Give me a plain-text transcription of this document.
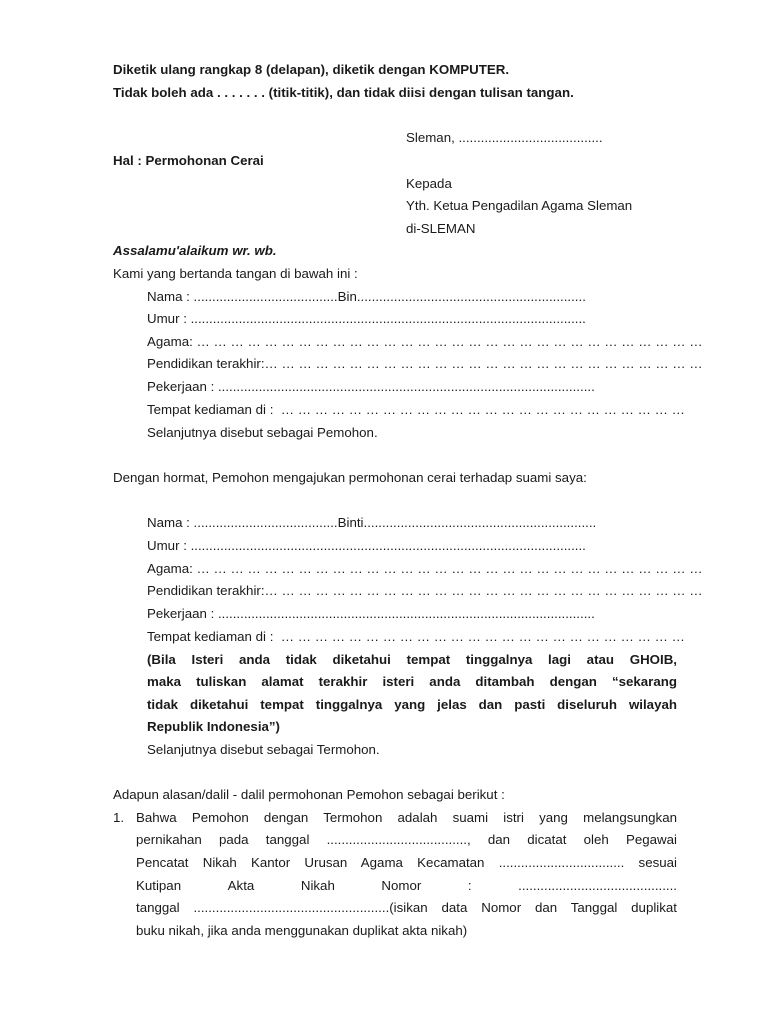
Diketik ulang rangkap 8 (delapan), diketik dengan KOMPUTER.
Tidak boleh ada . . . . . . . (titik-titik), dan tidak diisi dengan tulisan tangan.
Sleman, .......................................
Hal : Permohonan Cerai
Kepada
Yth. Ketua Pengadilan Agama Sleman
di-SLEMAN
Assalamu'alaikum wr. wb.
Kami yang bertanda tangan di bawah ini :
Nama : .......................................Bin..............................................................
Umur : ...........................................................................................................
Agama: … … … … … … … … … … … … … … … … … … … … … … … … … … … … … …
Pendidikan terakhir:… … … … … … … … … … … … … … … … … … … … … … … … … …
Pekerjaan : ......................................................................................................
Tempat kediaman di :  … … … … … … … … … … … … … … … … … … … … … … … …
Selanjutnya disebut sebagai Pemohon.
Dengan hormat, Pemohon mengajukan permohonan cerai terhadap suami saya:
Nama : .......................................Binti...............................................................
Umur : ...........................................................................................................
Agama: … … … … … … … … … … … … … … … … … … … … … … … … … … … … … …
Pendidikan terakhir:… … … … … … … … … … … … … … … … … … … … … … … … … …
Pekerjaan : ......................................................................................................
Tempat kediaman di :  … … … … … … … … … … … … … … … … … … … … … … … …
(Bila Isteri anda tidak diketahui tempat tinggalnya lagi atau GHOIB,
maka tuliskan alamat terakhir isteri anda ditambah dengan “sekarang
tidak diketahui tempat tinggalnya yang jelas dan pasti diseluruh wilayah
Republik Indonesia”)
Selanjutnya disebut sebagai Termohon.
Adapun alasan/dalil - dalil permohonan Pemohon sebagai berikut :
1. Bahwa Pemohon dengan Termohon adalah suami istri yang melangsungkan
pernikahan pada tanggal ......................................, dan dicatat oleh Pegawai
Pencatat Nikah Kantor Urusan Agama Kecamatan .................................. sesuai
Kutipan	Akta	Nikah	Nomor	:	...........................................
tanggal .....................................................(isikan data Nomor dan Tanggal duplikat
buku nikah, jika anda menggunakan duplikat akta nikah)
